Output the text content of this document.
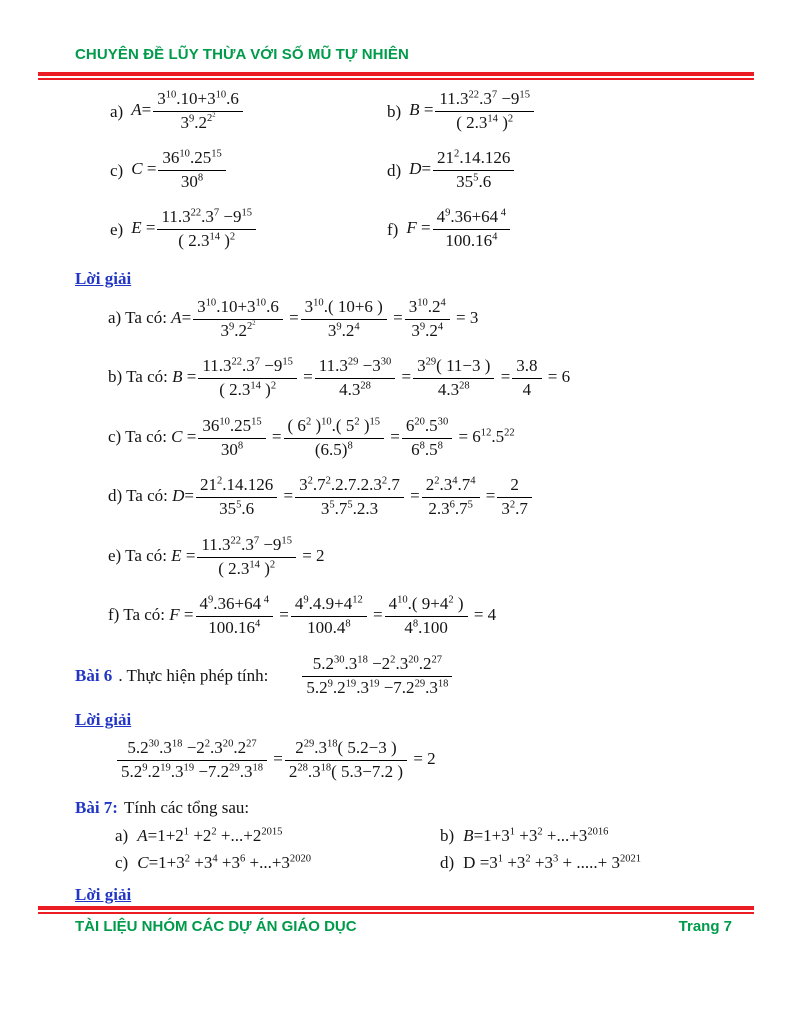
CHUYÊN ĐỀ LŨY THỪA VỚI SỐ MŨ TỰ NHIÊN
a) $A= \frac{3^{10}.10+3^{10}.6}{3^9.2^{2^2}}$	b) $B = \frac{11.3^{22}.3^7 -9^{15}}{( 2.3^{14} )^2}$
c) $C = \frac{36^{10}.25^{15}}{30^8}$	d) $D= \frac{21^2.14.126}{35^5.6}$
e) $E = \frac{11.3^{22}.3^7 -9^{15}}{( 2.3^{14} )^2}$	f) $F = \frac{4^9.36+64 ^4}{100.16^4}$
Lời giải
a) Ta có: $A= \frac{3^{10}.10+3^{10}.6}{3^9.2^{2^2}} = \frac{3^{10}.( 10+6 )}{3^9.2^4} = \frac{3^{10}.2^4}{3^9.2^4} = 3$
b) Ta có: $B = \frac{11.3^{22}.3^7 -9^{15}}{( 2.3^{14} )^2} = \frac{11.3^{29} -3^{30}}{4.3^{28}} = \frac{3^{29}( 11-3 )}{4.3^{28}} = \frac{3.8}{4} = 6$
c) Ta có: $C = \frac{36^{10}.25^{15}}{30^8} = \frac{( 6^2 )^{10}.( 5^2 )^{15}}{(6.5)^8} = \frac{6^{20}.5^{30}}{6^8.5^8} = 6^{12}.5^{22}$
d) Ta có: $D= \frac{21^2.14.126}{35^5.6} = \frac{3^2.7^2.2.7.2.3^2.7}{3^5.7^5.2.3} = \frac{2^2.3^4.7^4}{2.3^6.7^5} = \frac{2}{3^2.7}$
e) Ta có: $E = \frac{11.3^{22}.3^7 -9^{15}}{( 2.3^{14} )^2} = 2$
f) Ta có: $F = \frac{4^9.36+64 ^4}{100.16^4} = \frac{4^9.4.9+4^{12}}{100.4^8} = \frac{4^{10}.( 9+4^2 )}{4^8.100} = 4$
Bài 6 . Thực hiện phép tính: $\frac{5.2^{30}.3^{18} -2^2.3^{20}.2^{27}}{5.2^9.2^{19}.3^{19} -7.2^{29}.3^{18}}$
Lời giải
$\frac{5.2^{30}.3^{18} -2^2.3^{20}.2^{27}}{5.2^9.2^{19}.3^{19} -7.2^{29}.3^{18}} = \frac{2^{29}.3^{18}( 5.2-3 )}{2^{28}.3^{18}( 5.3-7.2 )} = 2$
Bài 7: Tính các tổng sau:
a) $A=1+2^1 +2^2 +...+2^{2015}$	b) $B=1+3^1 +3^2 +...+3^{2016}$
c) $C=1+3^2 +3^4 +3^6 +...+3^{2020}$	d) $D =3^1 +3^2 +3^3$ + .....+ $3^{2021}$
Lời giải
TÀI LIỆU NHÓM CÁC DỰ ÁN GIÁO DỤC	Trang 7
